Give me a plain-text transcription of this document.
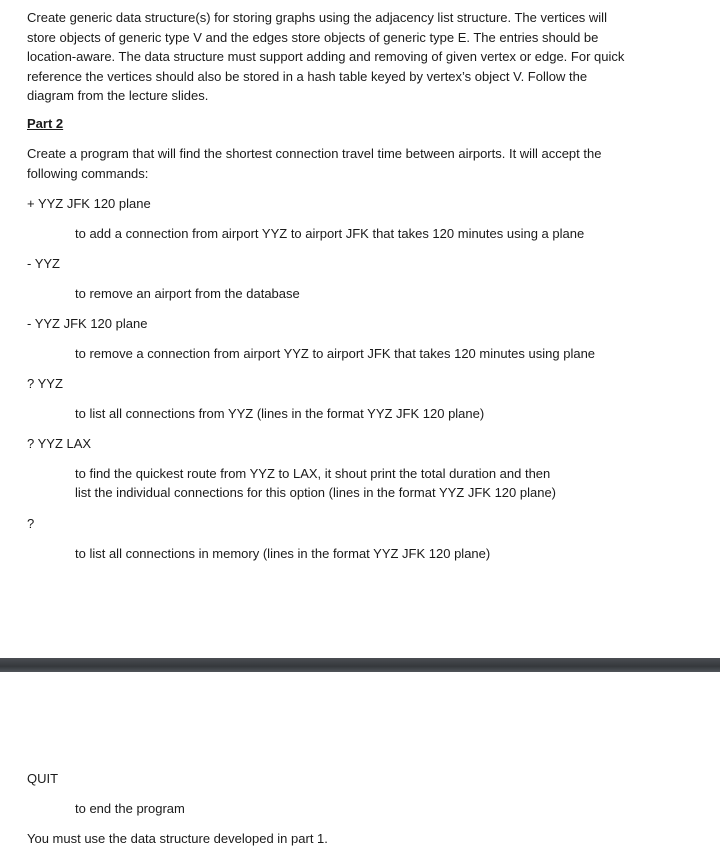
Create generic data structure(s) for storing graphs using the adjacency list structure. The vertices will
store objects of generic type V and the edges store objects of generic type E. The entries should be
location-aware. The data structure must support adding and removing of given vertex or edge. For quick
reference the vertices should also be stored in a hash table keyed by vertex’s object V. Follow the
diagram from the lecture slides.
Part 2
Create a program that will find the shortest connection travel time between airports. It will accept the
following commands:
+ YYZ JFK 120 plane
to add a connection from airport YYZ to airport JFK that takes 120 minutes using a plane
- YYZ
to remove an airport from the database
- YYZ JFK 120 plane
to remove a connection from airport YYZ to airport JFK that takes 120 minutes using plane
? YYZ
to list all connections from YYZ (lines in the format YYZ JFK 120 plane)
? YYZ LAX
to find the quickest route from YYZ to LAX, it shout print the total duration and then
list the individual connections for this option (lines in the format YYZ JFK 120 plane)
?
to list all connections in memory (lines in the format YYZ JFK 120 plane)
QUIT
to end the program
You must use the data structure developed in part 1.
